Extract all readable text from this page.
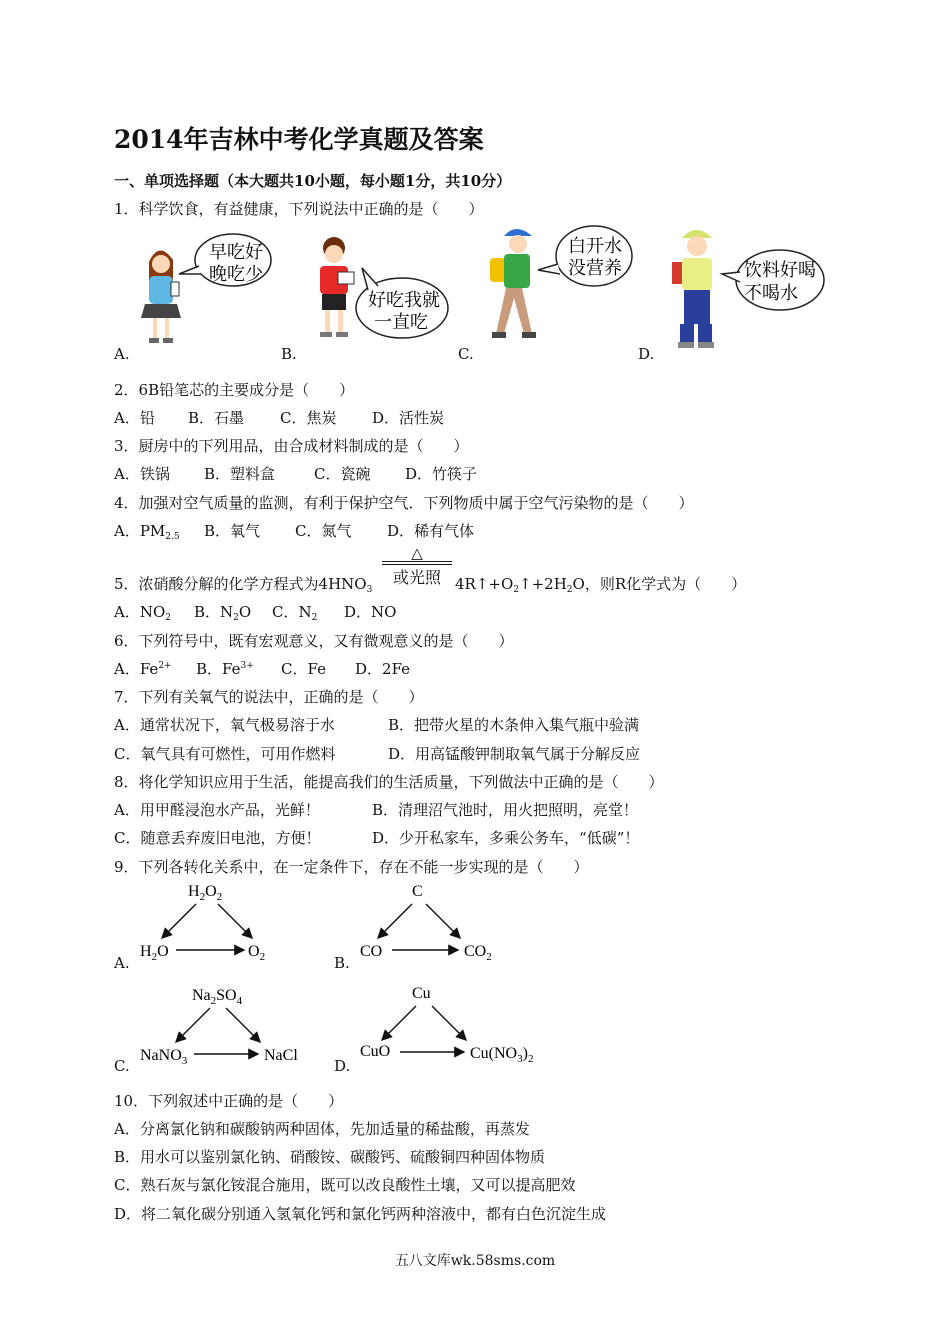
2014年吉林中考化学真题及答案
一、单项选择题（本大题共10小题，每小题1分，共10分）
1．科学饮食，有益健康，下列说法中正确的是（　　）
早吃好
晚吃少
好吃我就
一直吃
白开水
没营养	饮料好喝
不喝水
A.	B.	C.	D.
2．6B铅笔芯的主要成分是（　　）
A．铅 B．石墨 C．焦炭 D．活性炭
3．厨房中的下列用品，由合成材料制成的是（　　）
A．铁锅 B．塑料盒	C．瓷碗 D．竹筷子
4．加强对空气质量的监测，有利于保护空气．下列物质中属于空气污染物的是（　　）
A．$PM_{2.5}$ B．氧气 C．氮气 D．稀有气体
5．浓硝酸分解的化学方程式为$4HNO_3$
△
或光照 $4R↑+O_2↑+2H_2O$，则R化学式为（　　）
A．$NO_2$ B．$N_2O$ C．$N_2$ D．NO
6．下列符号中，既有宏观意义，又有微观意义的是（　　）
A．$Fe^{2+}$ B．$Fe^{3+}$ C．Fe D．2Fe
7．下列有关氧气的说法中，正确的是（　　）
A．通常状况下，氧气极易溶于水	B．把带火星的木条伸入集气瓶中验满
C．氧气具有可燃性，可用作燃料	D．用高锰酸钾制取氧气属于分解反应
8．将化学知识应用于生活，能提高我们的生活质量，下列做法中正确的是（　　）
A．用甲醛浸泡水产品，光鲜！	B．清理沼气池时，用火把照明，亮堂！
C．随意丢弃废旧电池，方便！	D．少开私家车，多乘公务车，“低碳”！
9．下列各转化关系中，在一定条件下，存在不能一步实现的是（　　）
$H_2O_2$
$H_2O$	$O_2$
C
CO	$CO_2$
A.	B.
$Na_2SO_4$
NaNO$_3$	NaCl
Cu
CuO	$Cu(NO_3)_2$
C.	D.
10．下列叙述中正确的是（　　）
A．分离氯化钠和碳酸钠两种固体，先加适量的稀盐酸，再蒸发
B．用水可以鉴别氯化钠、硝酸铵、碳酸钙、硫酸铜四种固体物质
C．熟石灰与氯化铵混合施用，既可以改良酸性土壤，又可以提高肥效
D．将二氧化碳分别通入氢氧化钙和氯化钙两种溶液中，都有白色沉淀生成
五八文库wk.58sms.com
